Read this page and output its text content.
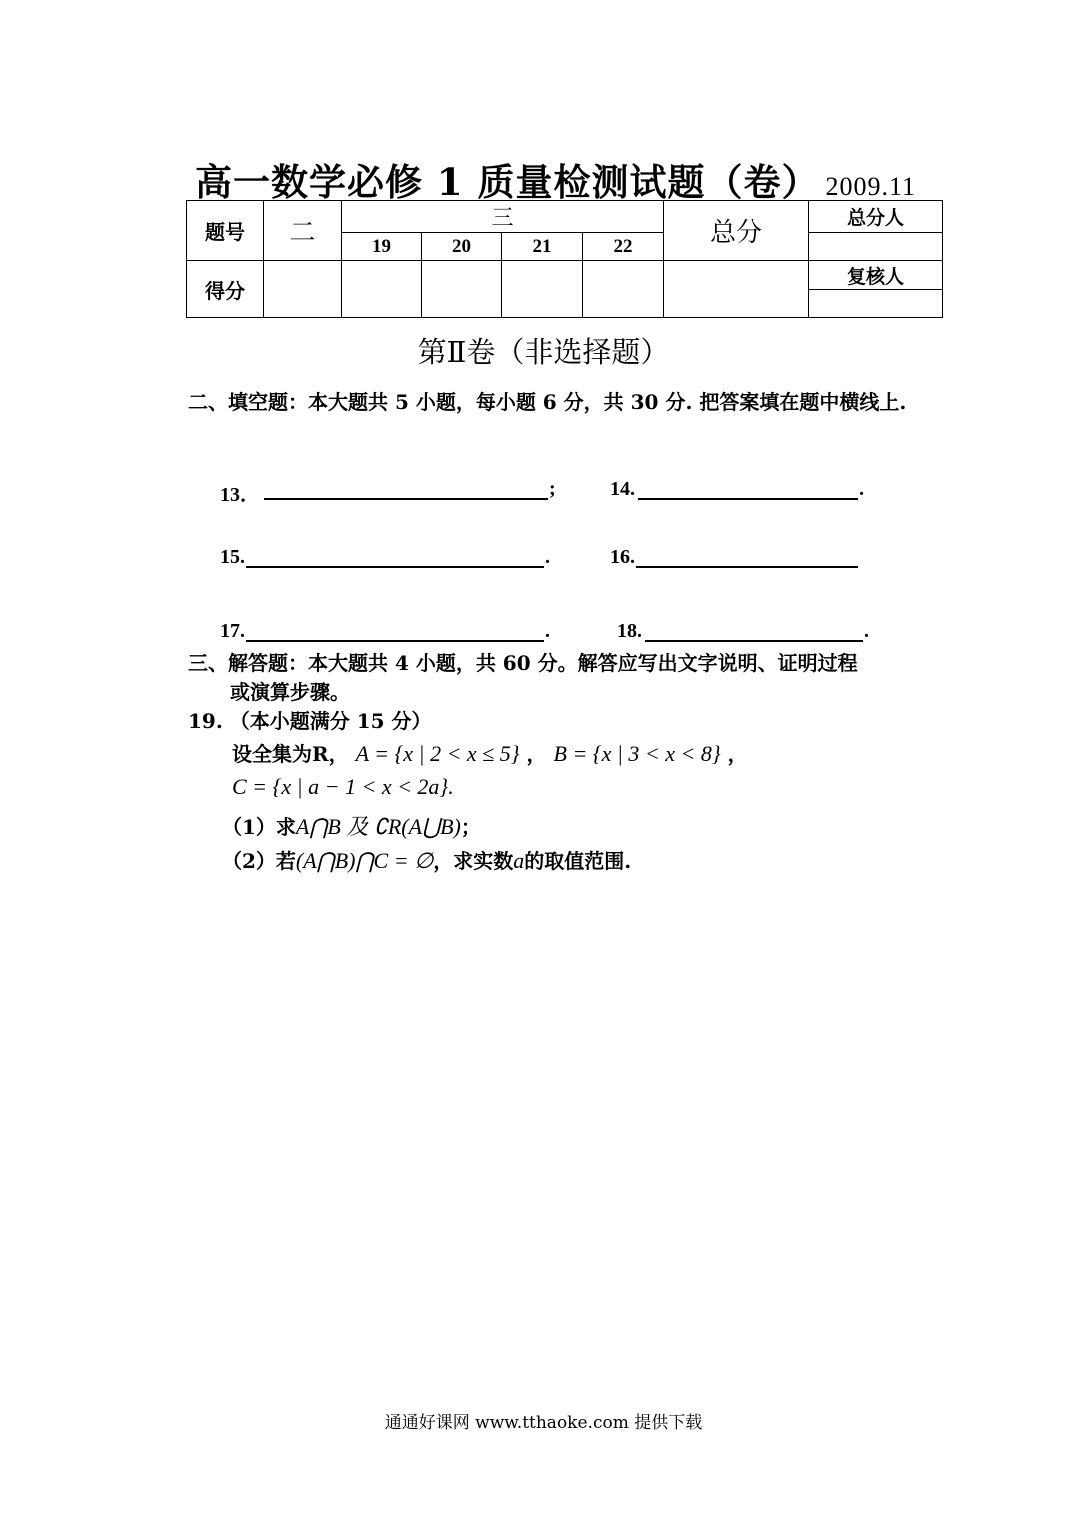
高一数学必修 1 质量检测试题（卷） 2009.11
题号	二	三				总分	总分人
		19	20	21	22		
得分							复核人

第Ⅱ卷（非选择题）
二、填空题：本大题共 5 小题，每小题 6 分，共 30 分. 把答案填在题中横线上.
13．	;	14.	.
15.	.	16.
17.	.	18.	.
三、解答题：本大题共 4 小题，共 60 分。解答应写出文字说明、证明过程
或演算步骤。
19. （本小题满分 15 分）
设全集为R， A = {x | 2 < x ≤ 5} ， B = {x | 3 < x < 8} ，
C = {x | a − 1 < x < 2a}.
（1）求A⋂B 及 ∁R(A⋃B)；
（2）若(A⋂B)⋂C = ∅，求实数a的取值范围.
通通好课网 www.tthaoke.com 提供下载
